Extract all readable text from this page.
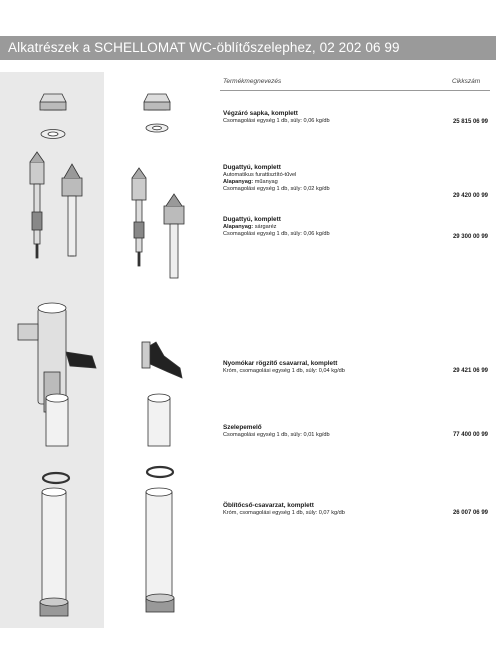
Alkatrészek a SCHELLOMAT WC-öblítőszelephez, 02 202 06 99
Termékmegnevezés	Cikkszám
Végzáró sapka, komplett
Csomagolási egység 1 db, súly: 0,06 kg/db	25 815 06 99
Dugattyú, komplett
Automatikus furattisztító-tűvel
Alapanyag: műanyag
Csomagolási egység 1 db, súly: 0,02 kg/db
29 420 00 99
Dugattyú, komplett
Alapanyag: sárgaréz
Csomagolási egység 1 db, súly: 0,06 kg/db	29 300 00 99
Nyomókar rögzítő csavarral, komplett
Króm, csomagolási egység 1 db, súly: 0,04 kg/db	29 421 06 99
Szelepemelő
Csomagolási egység 1 db, súly: 0,01 kg/db	77 400 00 99
Öblítőcső-csavarzat, komplett
Króm, csomagolási egység 1 db, súly: 0,07 kg/db	26 007 06 99
